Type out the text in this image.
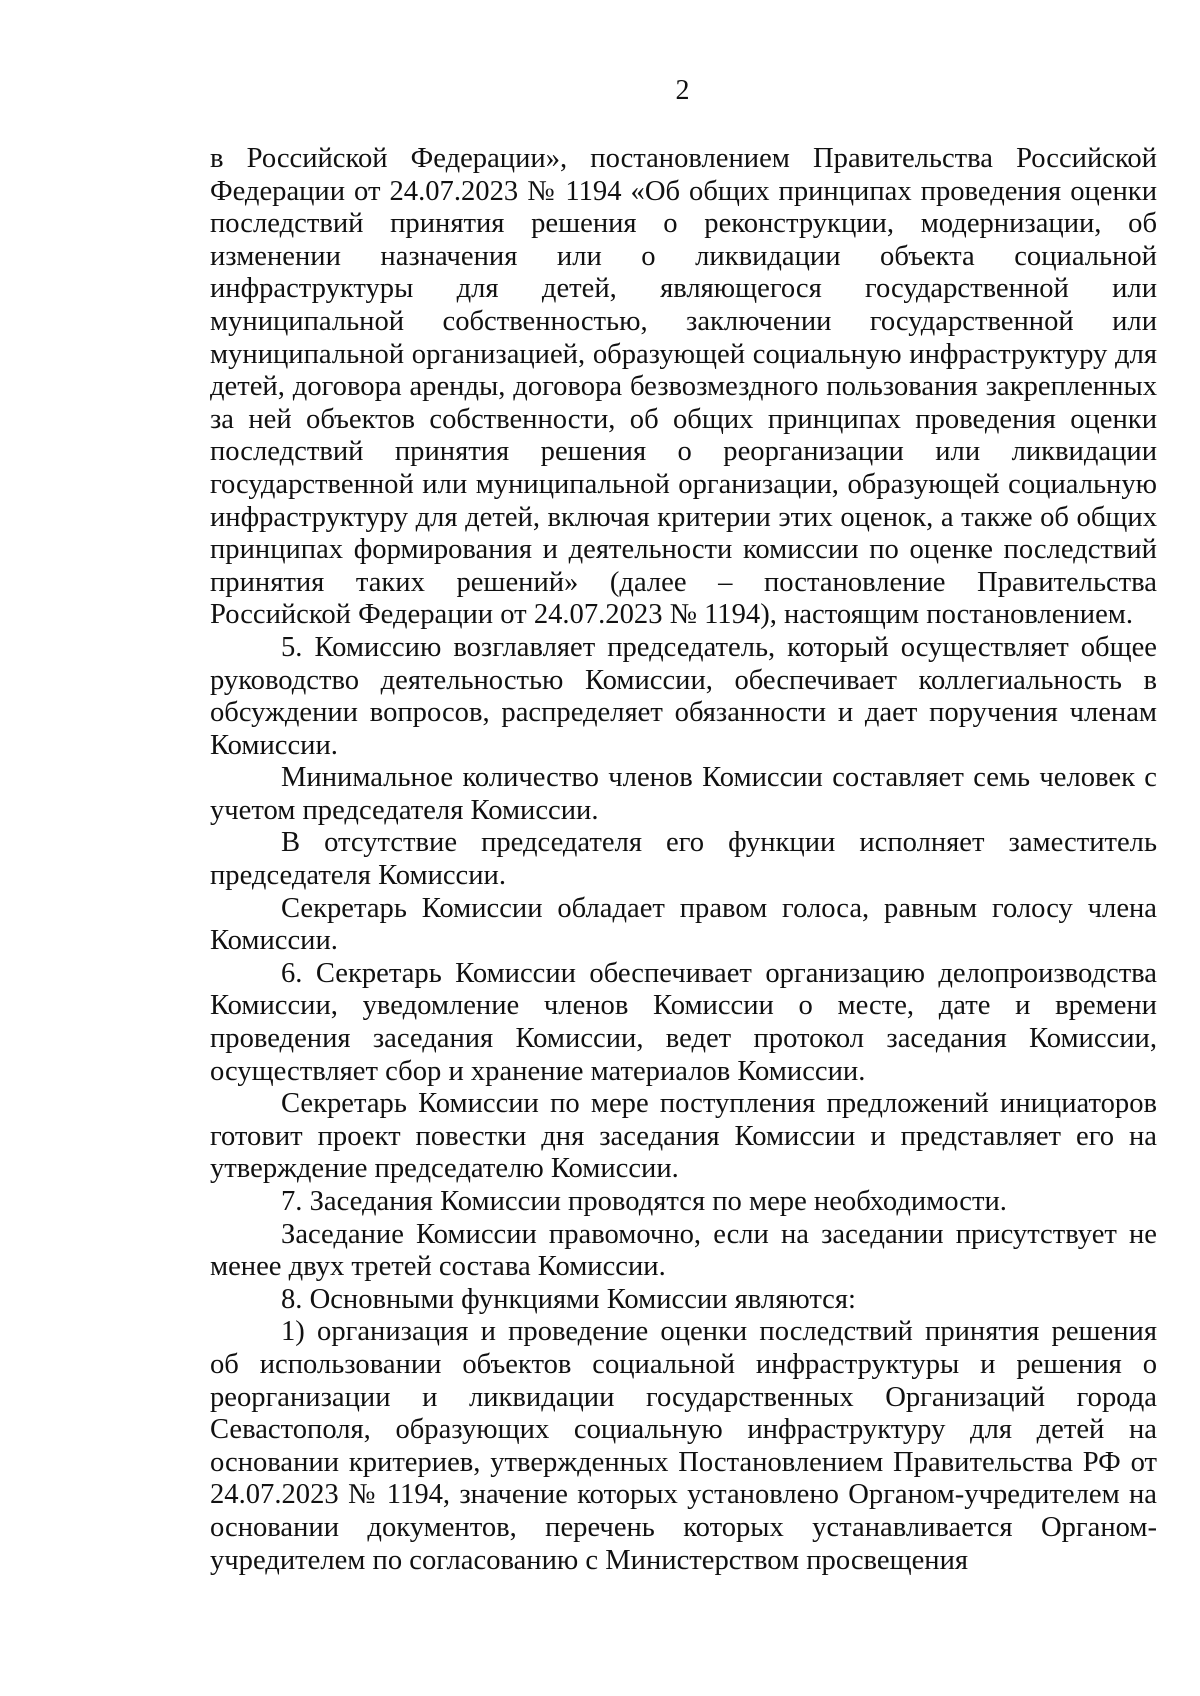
2

в Российской Федерации», постановлением Правительства Российской Федерации от 24.07.2023 № 1194 «Об общих принципах проведения оценки последствий принятия решения о реконструкции, модернизации, об изменении назначения или о ликвидации объекта социальной инфраструктуры для детей, являющегося государственной или муниципальной собственностью, заключении государственной или муниципальной организацией, образующей социальную инфраструктуру для детей, договора аренды, договора безвозмездного пользования закрепленных за ней объектов собственности, об общих принципах проведения оценки последствий принятия решения о реорганизации или ликвидации государственной или муниципальной организации, образующей социальную инфраструктуру для детей, включая критерии этих оценок, а также об общих принципах формирования и деятельности комиссии по оценке последствий принятия таких решений» (далее – постановление Правительства Российской Федерации от 24.07.2023 № 1194), настоящим постановлением.

5. Комиссию возглавляет председатель, который осуществляет общее руководство деятельностью Комиссии, обеспечивает коллегиальность в обсуждении вопросов, распределяет обязанности и дает поручения членам Комиссии.

Минимальное количество членов Комиссии составляет семь человек с учетом председателя Комиссии.

В отсутствие председателя его функции исполняет заместитель председателя Комиссии.

Секретарь Комиссии обладает правом голоса, равным голосу члена Комиссии.

6. Секретарь Комиссии обеспечивает организацию делопроизводства Комиссии, уведомление членов Комиссии о месте, дате и времени проведения заседания Комиссии, ведет протокол заседания Комиссии, осуществляет сбор и хранение материалов Комиссии.

Секретарь Комиссии по мере поступления предложений инициаторов готовит проект повестки дня заседания Комиссии и представляет его на утверждение председателю Комиссии.

7. Заседания Комиссии проводятся по мере необходимости.

Заседание Комиссии правомочно, если на заседании присутствует не менее двух третей состава Комиссии.

8. Основными функциями Комиссии являются:

1) организация и проведение оценки последствий принятия решения об использовании объектов социальной инфраструктуры и решения о реорганизации и ликвидации государственных Организаций города Севастополя, образующих социальную инфраструктуру для детей на основании критериев, утвержденных Постановлением Правительства РФ от 24.07.2023 № 1194, значение которых установлено Органом-учредителем на основании документов, перечень которых устанавливается Органом-учредителем по согласованию с Министерством просвещения
